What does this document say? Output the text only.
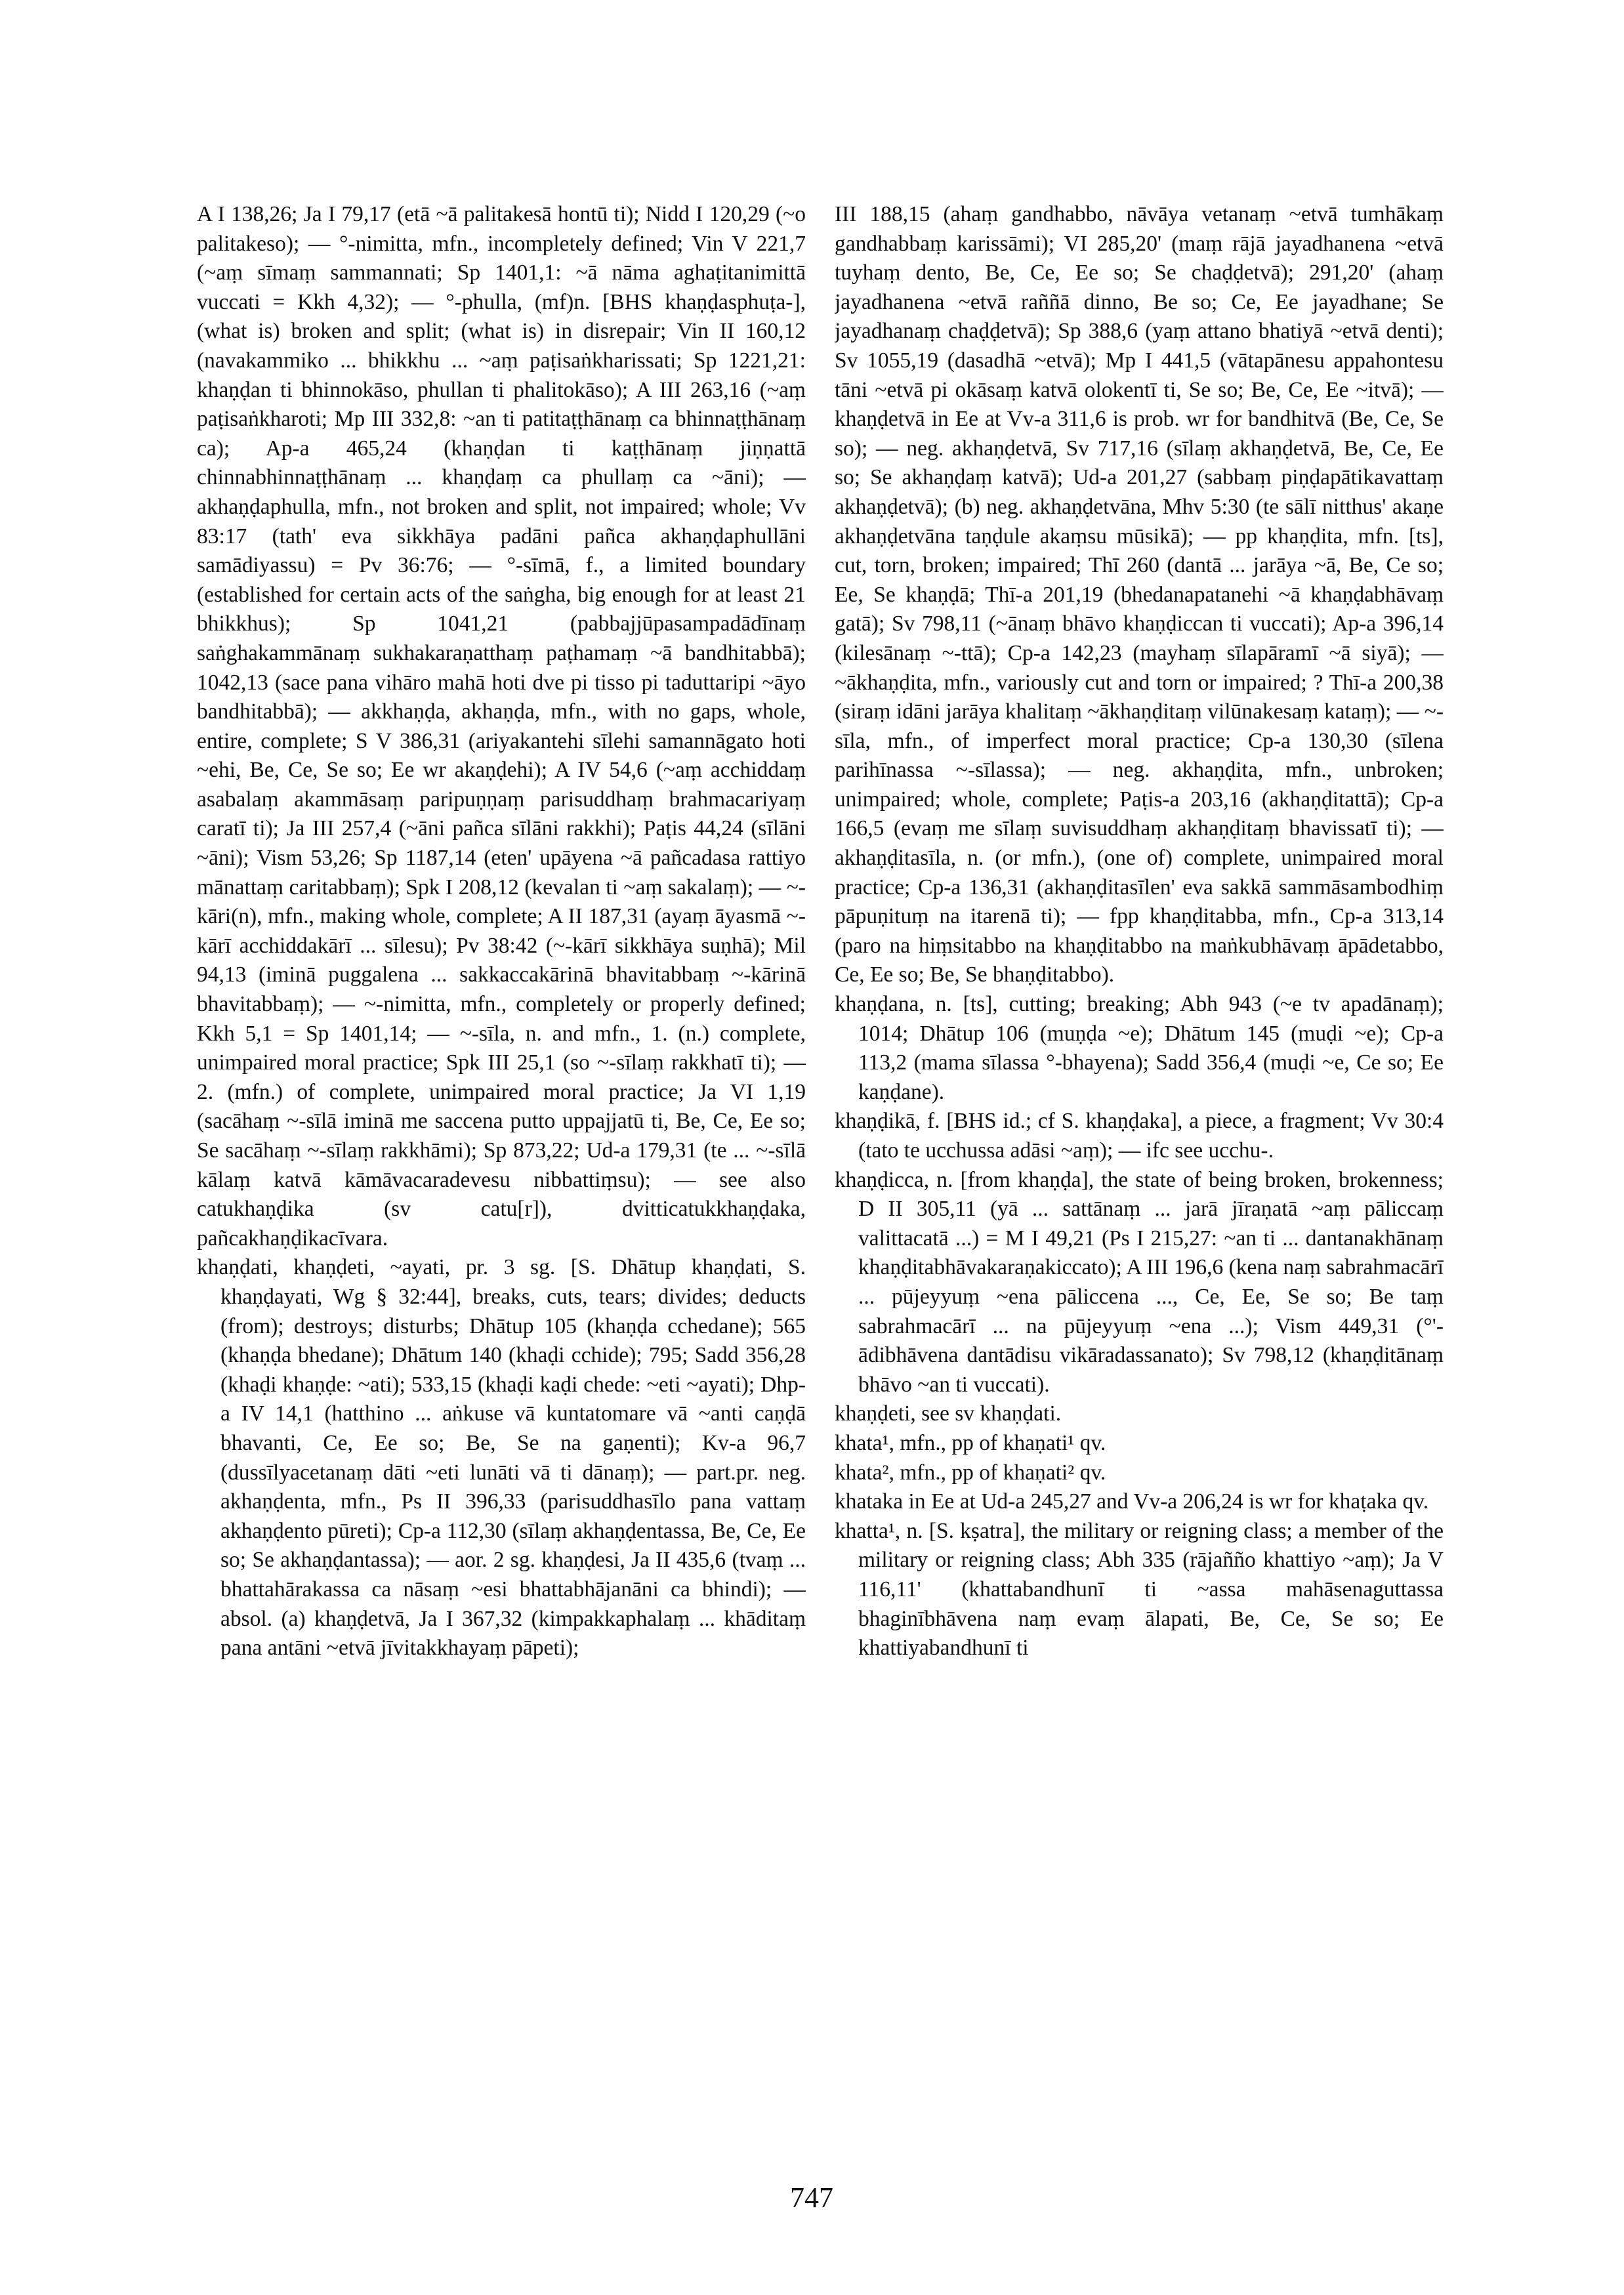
A I 138,26; Ja I 79,17 (etā ~ā palitakesā hontū ti); Nidd I 120,29 (~o palitakeso); — °-nimitta, mfn., incompletely defined; Vin V 221,7 (~aṃ sīmaṃ sammannati; Sp 1401,1: ~ā nāma aghaṭitanimittā vuccati = Kkh 4,32); — °-phulla, (mf)n. [BHS khaṇḍasphuṭa-], (what is) broken and split; (what is) in disrepair; Vin II 160,12 (navakammiko ... bhikkhu ... ~aṃ paṭisaṅkharissati; Sp 1221,21: khaṇḍan ti bhinnokāso, phullan ti phalitokāso); A III 263,16 (~aṃ paṭisaṅkharoti; Mp III 332,8: ~an ti patitaṭṭhānaṃ ca bhinnaṭṭhānaṃ ca); Ap-a 465,24 (khaṇḍan ti kaṭṭhānaṃ jiṇṇattā chinnabhinnaṭṭhānaṃ ... khaṇḍaṃ ca phullaṃ ca ~āni); — akhaṇḍaphulla, mfn., not broken and split, not impaired; whole; Vv 83:17 (tath' eva sikkhāya padāni pañca akhaṇḍaphullāni samādiyassu) = Pv 36:76; — °-sīmā, f., a limited boundary (established for certain acts of the saṅgha, big enough for at least 21 bhikkhus); Sp 1041,21 (pabbajjūpasampadādīnaṃ saṅghakammānaṃ sukhakaraṇatthaṃ paṭhamaṃ ~ā bandhitabbā); 1042,13 (sace pana vihāro mahā hoti dve pi tisso pi taduttaripi ~āyo bandhitabbā); — akkhaṇḍa, akhaṇḍa, mfn., with no gaps, whole, entire, complete; S V 386,31 (ariyakantehi sīlehi samannāgato hoti ~ehi, Be, Ce, Se so; Ee wr akaṇḍehi); A IV 54,6 (~aṃ acchiddaṃ asabalaṃ akammāsaṃ paripuṇṇaṃ parisuddhaṃ brahmacariyaṃ caratī ti); Ja III 257,4 (~āni pañca sīlāni rakkhi); Paṭis 44,24 (sīlāni ~āni); Vism 53,26; Sp 1187,14 (eten' upāyena ~ā pañcadasa rattiyo mānattaṃ caritabbaṃ); Spk I 208,12 (kevalan ti ~aṃ sakalaṃ); — ~-kāri(n), mfn., making whole, complete; A II 187,31 (ayaṃ āyasmā ~-kārī acchiddakārī ... sīlesu); Pv 38:42 (~-kārī sikkhāya suṇhā); Mil 94,13 (iminā puggalena ... sakkaccakārinā bhavitabbaṃ ~-kārinā bhavitabbaṃ); — ~-nimitta, mfn., completely or properly defined; Kkh 5,1 = Sp 1401,14; — ~-sīla, n. and mfn., 1. (n.) complete, unimpaired moral practice; Spk III 25,1 (so ~-sīlaṃ rakkhatī ti); — 2. (mfn.) of complete, unimpaired moral practice; Ja VI 1,19 (sacāhaṃ ~-sīlā iminā me saccena putto uppajjatū ti, Be, Ce, Ee so; Se sacāhaṃ ~-sīlaṃ rakkhāmi); Sp 873,22; Ud-a 179,31 (te ... ~-sīlā kālaṃ katvā kāmāvacaradevesu nibbattiṃsu); — see also catukhaṇḍika (sv catu[r]), dvitticatukkhaṇḍaka, pañcakhaṇḍikacīvara.

khaṇḍati, khaṇḍeti, ~ayati, pr. 3 sg. [S. Dhātup khaṇḍati, S. khaṇḍayati, Wg § 32:44], breaks, cuts, tears; divides; deducts (from); destroys; disturbs; Dhātup 105 (khaṇḍa cchedane); 565 (khaṇḍa bhedane); Dhātum 140 (khaḍi cchide); 795; Sadd 356,28 (khaḍi khaṇḍe: ~ati); 533,15 (khaḍi kaḍi chede: ~eti ~ayati); Dhp-a IV 14,1 (hatthino ... aṅkuse vā kuntatomare vā ~anti caṇḍā bhavanti, Ce, Ee so; Be, Se na gaṇenti); Kv-a 96,7 (dussīlyacetanaṃ dāti ~eti lunāti vā ti dānaṃ); — part.pr. neg. akhaṇḍenta, mfn., Ps II 396,33 (parisuddhasīlo pana vattaṃ akhaṇḍento pūreti); Cp-a 112,30 (sīlaṃ akhaṇḍentassa, Be, Ce, Ee so; Se akhaṇḍantassa); — aor. 2 sg. khaṇḍesi, Ja II 435,6 (tvaṃ ... bhattahārakassa ca nāsaṃ ~esi bhattabhājanāni ca bhindi); — absol. (a) khaṇḍetvā, Ja I 367,32 (kimpakkaphalaṃ ... khāditaṃ pana antāni ~etvā jīvitakkhayaṃ pāpeti);

III 188,15 (ahaṃ gandhabbo, nāvāya vetanaṃ ~etvā tumhākaṃ gandhabbaṃ karissāmi); VI 285,20' (maṃ rājā jayadhanena ~etvā tuyhaṃ dento, Be, Ce, Ee so; Se chaḍḍetvā); 291,20' (ahaṃ jayadhanena ~etvā raññā dinno, Be so; Ce, Ee jayadhane; Se jayadhanaṃ chaḍḍetvā); Sp 388,6 (yaṃ attano bhatiyā ~etvā denti); Sv 1055,19 (dasadhā ~etvā); Mp I 441,5 (vātapānesu appahontesu tāni ~etvā pi okāsaṃ katvā olokentī ti, Se so; Be, Ce, Ee ~itvā); — khaṇḍetvā in Ee at Vv-a 311,6 is prob. wr for bandhitvā (Be, Ce, Se so); — neg. akhaṇḍetvā, Sv 717,16 (sīlaṃ akhaṇḍetvā, Be, Ce, Ee so; Se akhaṇḍaṃ katvā); Ud-a 201,27 (sabbaṃ piṇḍapātikavattaṃ akhaṇḍetvā); (b) neg. akhaṇḍetvāna, Mhv 5:30 (te sālī nitthus' akaṇe akhaṇḍetvāna taṇḍule akaṃsu mūsikā); — pp khaṇḍita, mfn. [ts], cut, torn, broken; impaired; Thī 260 (dantā ... jarāya ~ā, Be, Ce so; Ee, Se khaṇḍā; Thī-a 201,19 (bhedanapatanehi ~ā khaṇḍabhāvaṃ gatā); Sv 798,11 (~ānaṃ bhāvo khaṇḍiccan ti vuccati); Ap-a 396,14 (kilesānaṃ ~-ttā); Cp-a 142,23 (mayhaṃ sīlapāramī ~ā siyā); — ~ākhaṇḍita, mfn., variously cut and torn or impaired; ? Thī-a 200,38 (siraṃ idāni jarāya khalitaṃ ~ākhaṇḍitaṃ vilūnakesaṃ kataṃ); — ~-sīla, mfn., of imperfect moral practice; Cp-a 130,30 (sīlena parihīnassa ~-sīlassa); — neg. akhaṇḍita, mfn., unbroken; unimpaired; whole, complete; Paṭis-a 203,16 (akhaṇḍitattā); Cp-a 166,5 (evaṃ me sīlaṃ suvisuddhaṃ akhaṇḍitaṃ bhavissatī ti); — akhaṇḍitasīla, n. (or mfn.), (one of) complete, unimpaired moral practice; Cp-a 136,31 (akhaṇḍitasīlen' eva sakkā sammāsambodhiṃ pāpuṇituṃ na itarenā ti); — fpp khaṇḍitabba, mfn., Cp-a 313,14 (paro na hiṃsitabbo na khaṇḍitabbo na maṅkubhāvaṃ āpādetabbo, Ce, Ee so; Be, Se bhaṇḍitabbo).

khaṇḍana, n. [ts], cutting; breaking; Abh 943 (~e tv apadānaṃ); 1014; Dhātup 106 (muṇḍa ~e); Dhātum 145 (muḍi ~e); Cp-a 113,2 (mama sīlassa °-bhayena); Sadd 356,4 (muḍi ~e, Ce so; Ee kaṇḍane).

khaṇḍikā, f. [BHS id.; cf S. khaṇḍaka], a piece, a fragment; Vv 30:4 (tato te ucchussa adāsi ~aṃ); — ifc see ucchu-.

khaṇḍicca, n. [from khaṇḍa], the state of being broken, brokenness; D II 305,11 (yā ... sattānaṃ ... jarā jīraṇatā ~aṃ pāliccaṃ valittacatā ...) = M I 49,21 (Ps I 215,27: ~an ti ... dantanakhānaṃ khaṇḍitabhāvakaraṇakiccato); A III 196,6 (kena naṃ sabrahmacārī ... pūjeyyuṃ ~ena pāliccena ..., Ce, Ee, Se so; Be taṃ sabrahmacārī ... na pūjeyyuṃ ~ena ...); Vism 449,31 (°'-ādibhāvena dantādisu vikāradassanato); Sv 798,12 (khaṇḍitānaṃ bhāvo ~an ti vuccati).

khaṇḍeti, see sv khaṇḍati.

khata¹, mfn., pp of khaṇati¹ qv.

khata², mfn., pp of khaṇati² qv.

khataka in Ee at Ud-a 245,27 and Vv-a 206,24 is wr for khaṭaka qv.

khatta¹, n. [S. kṣatra], the military or reigning class; a member of the military or reigning class; Abh 335 (rājañño khattiyo ~aṃ); Ja V 116,11' (khattabandhunī ti ~assa mahāsenaguttassa bhaginībhāvena naṃ evaṃ ālapati, Be, Ce, Se so; Ee khattiyabandhunī ti

747
